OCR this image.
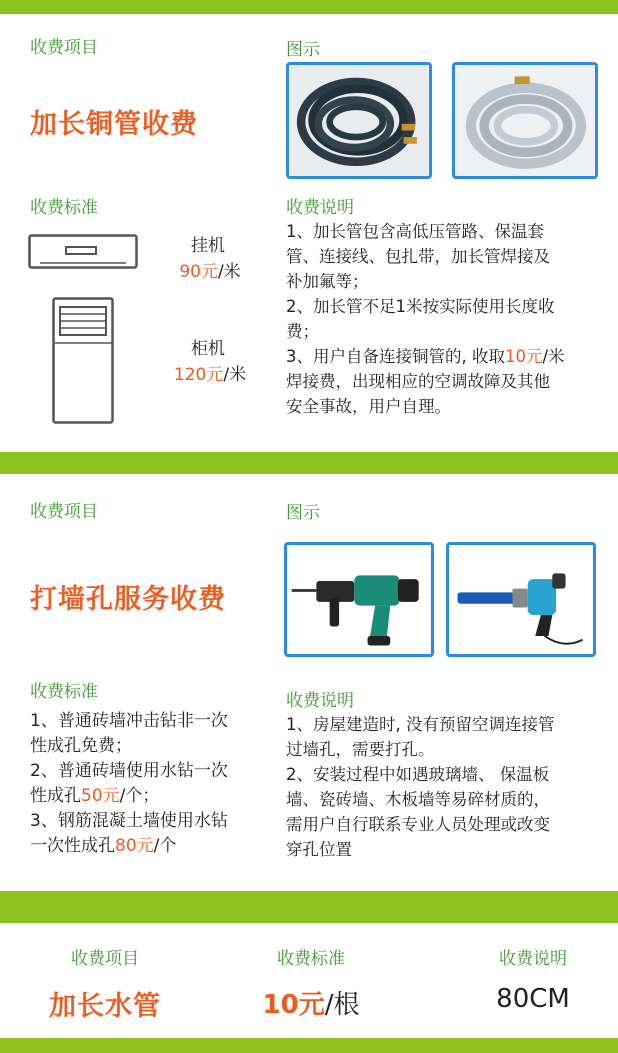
收费项目
加长铜管收费
图示
收费标准
挂机
90元/米
柜机
120元/米
收费说明
1、加长管包含高低压管路、保温套
管、连接线、包扎带，加长管焊接及
补加氟等；
2、加长管不足1米按实际使用长度收
费；
3、用户自备连接铜管的, 收取10元/米
焊接费，出现相应的空调故障及其他
安全事故，用户自理。
收费项目	图示
打墙孔服务收费
收费标准
1、普通砖墙冲击钻非一次
性成孔免费；
2、普通砖墙使用水钻一次
性成孔50元/个；
3、钢筋混凝土墙使用水钻
一次性成孔80元/个
收费说明
1、房屋建造时, 没有预留空调连接管
过墙孔，需要打孔。
2、安装过程中如遇玻璃墙、 保温板
墙、瓷砖墙、木板墙等易碎材质的，
需用户自行联系专业人员处理或改变
穿孔位置
收费项目	收费标准	收费说明
加长水管	10元/根	80CM
